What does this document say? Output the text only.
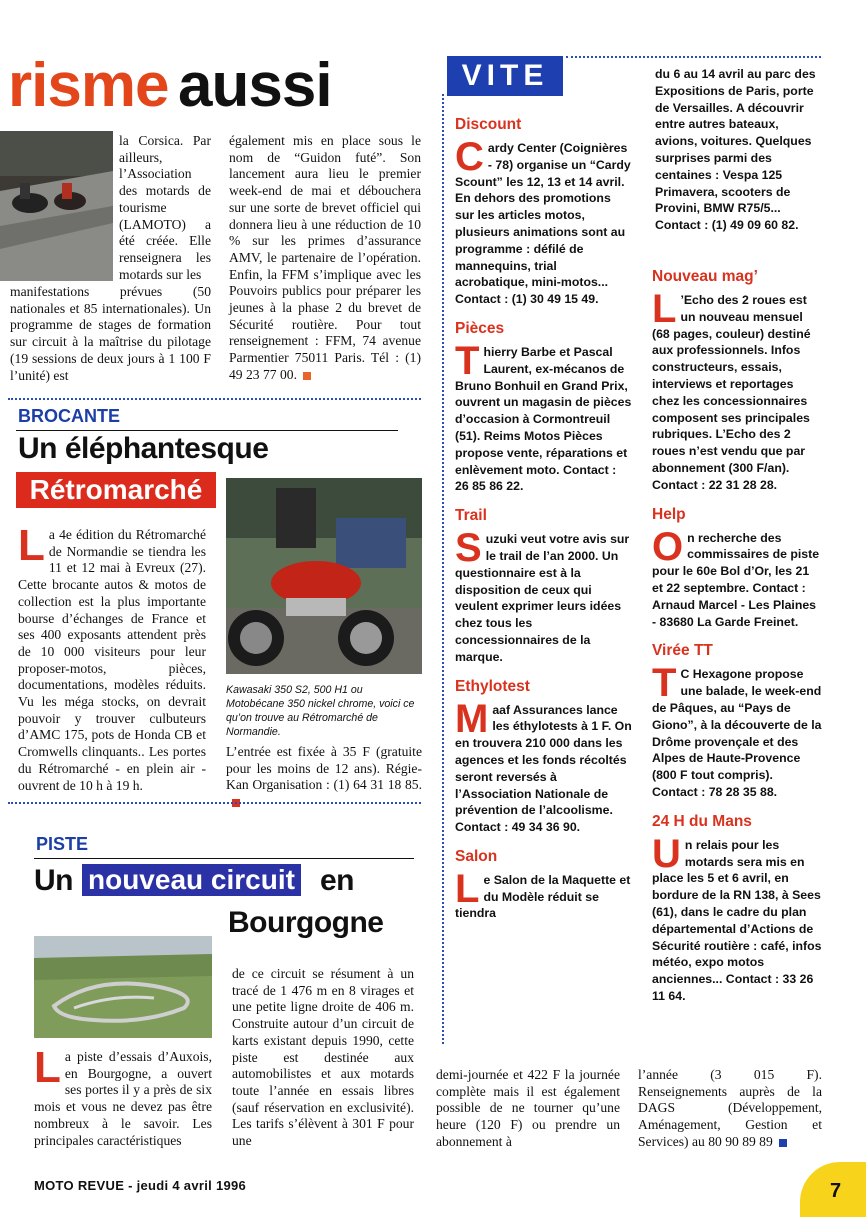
risme aussi
la Corsica. Par ailleurs, l’Association des motards de tourisme (LAMOTO) a été créée. Elle renseignera les motards sur les
manifestations prévues (50 nationales et 85 internationales). Un programme de stages de formation sur circuit à la maîtrise du pilotage (19 sessions de deux jours à 1 100 F l’unité) est
également mis en place sous le nom de “Guidon futé”. Son lancement aura lieu le premier week-end de mai et débouchera sur une sorte de brevet officiel qui donnera lieu à une réduction de 10 % sur les primes d’assurance AMV, le partenaire de l’opération. Enfin, la FFM s’implique avec les Pouvoirs publics pour préparer les jeunes à la phase 2 du brevet de Sécurité routière. Pour tout renseignement : FFM, 74 avenue Parmentier 75011 Paris. Tél : (1) 49 23 77 00.
BROCANTE
Un éléphantesque
Rétromarché
La 4e édition du Rétromarché de Normandie se tiendra les 11 et 12 mai à Evreux (27). Cette brocante autos & motos de collection est la plus importante bourse d’échanges de France et ses 400 exposants attendent près de 10 000 visiteurs pour leur proposer-motos, pièces, documentations, modèles réduits. Vu les méga stocks, on devrait pouvoir y trouver culbuteurs d’AMC 175, pots de Honda CB et Cromwells clinquants.. Les portes du Rétromarché - en plein air - ouvrent de 10 h à 19 h.
Kawasaki 350 S2, 500 H1 ou Motobécane 350 nickel chrome, voici ce qu’on trouve au Rétromarché de Normandie.
L’entrée est fixée à 35 F (gratuite pour les moins de 12 ans). Régie-Kan Organisation : (1) 64 31 18 85.
PISTE
Un nouveau circuit en
Bourgogne
La piste d’essais d’Auxois, en Bourgogne, a ouvert ses portes il y a près de six mois et vous ne devez pas être nombreux à le savoir. Les principales caractéristiques
de ce circuit se résument à un tracé de 1 476 m en 8 virages et une petite ligne droite de 406 m. Construite autour d’un circuit de karts existant depuis 1990, cette piste est destinée aux automobilistes et aux motards toute l’année en essais libres (sauf réservation en exclusivité). Les tarifs s’élèvent à 301 F pour une
demi-journée et 422 F la journée complète mais il est également possible de ne tourner qu’une heure (120 F) ou prendre un abonnement à
l’année (3 015 F). Renseignements auprès de la DAGS (Développement, Aménagement, Gestion et Services) au 80 90 89 89
VITE
Discount
Cardy Center (Coignières - 78) organise un “Cardy Scount” les 12, 13 et 14 avril. En dehors des promotions sur les articles motos, plusieurs animations sont au programme : défilé de mannequins, trial acrobatique, mini-motos... Contact : (1) 30 49 15 49.
Pièces
Thierry Barbe et Pascal Laurent, ex-mécanos de Bruno Bonhuil en Grand Prix, ouvrent un magasin de pièces d’occasion à Cormontreuil (51). Reims Motos Pièces propose vente, réparations et enlèvement moto. Contact : 26 85 86 22.
Trail
Suzuki veut votre avis sur le trail de l’an 2000. Un questionnaire est à la disposition de ceux qui veulent exprimer leurs idées chez tous les concessionnaires de la marque.
Ethylotest
Maaf Assurances lance les éthylotests à 1 F. On en trouvera 210 000 dans les agences et les fonds récoltés seront reversés à l’Association Nationale de prévention de l’alcoolisme. Contact : 49 34 36 90.
Salon
Le Salon de la Maquette et du Modèle réduit se tiendra
du 6 au 14 avril au parc des Expositions de Paris, porte de Versailles. A découvrir entre autres bateaux, avions, voitures. Quelques surprises parmi des centaines : Vespa 125 Primavera, scooters de Provini, BMW R75/5... Contact : (1) 49 09 60 82.
Nouveau mag’
L ’Echo des 2 roues est un nouveau mensuel (68 pages, couleur) destiné aux professionnels. Infos constructeurs, essais, interviews et reportages chez les concessionnaires composent ses principales rubriques. L’Echo des 2 roues n’est vendu que par abonnement (300 F/an). Contact : 22 31 28 28.
Help
On recherche des commissaires de piste pour le 60e Bol d’Or, les 21 et 22 septembre. Contact : Arnaud Marcel - Les Plaines - 83680 La Garde Freinet.
Virée TT
T C Hexagone propose une balade, le week-end de Pâques, au “Pays de Giono”, à la découverte de la Drôme provençale et des Alpes de Haute-Provence (800 F tout compris). Contact : 78 28 35 88.
24 H du Mans
Un relais pour les motards sera mis en place les 5 et 6 avril, en bordure de la RN 138, à Sees (61), dans le cadre du plan départemental d’Actions de Sécurité routière : café, infos météo, expo motos anciennes... Contact : 33 26 11 64.
MOTO REVUE - jeudi 4 avril 1996	7
